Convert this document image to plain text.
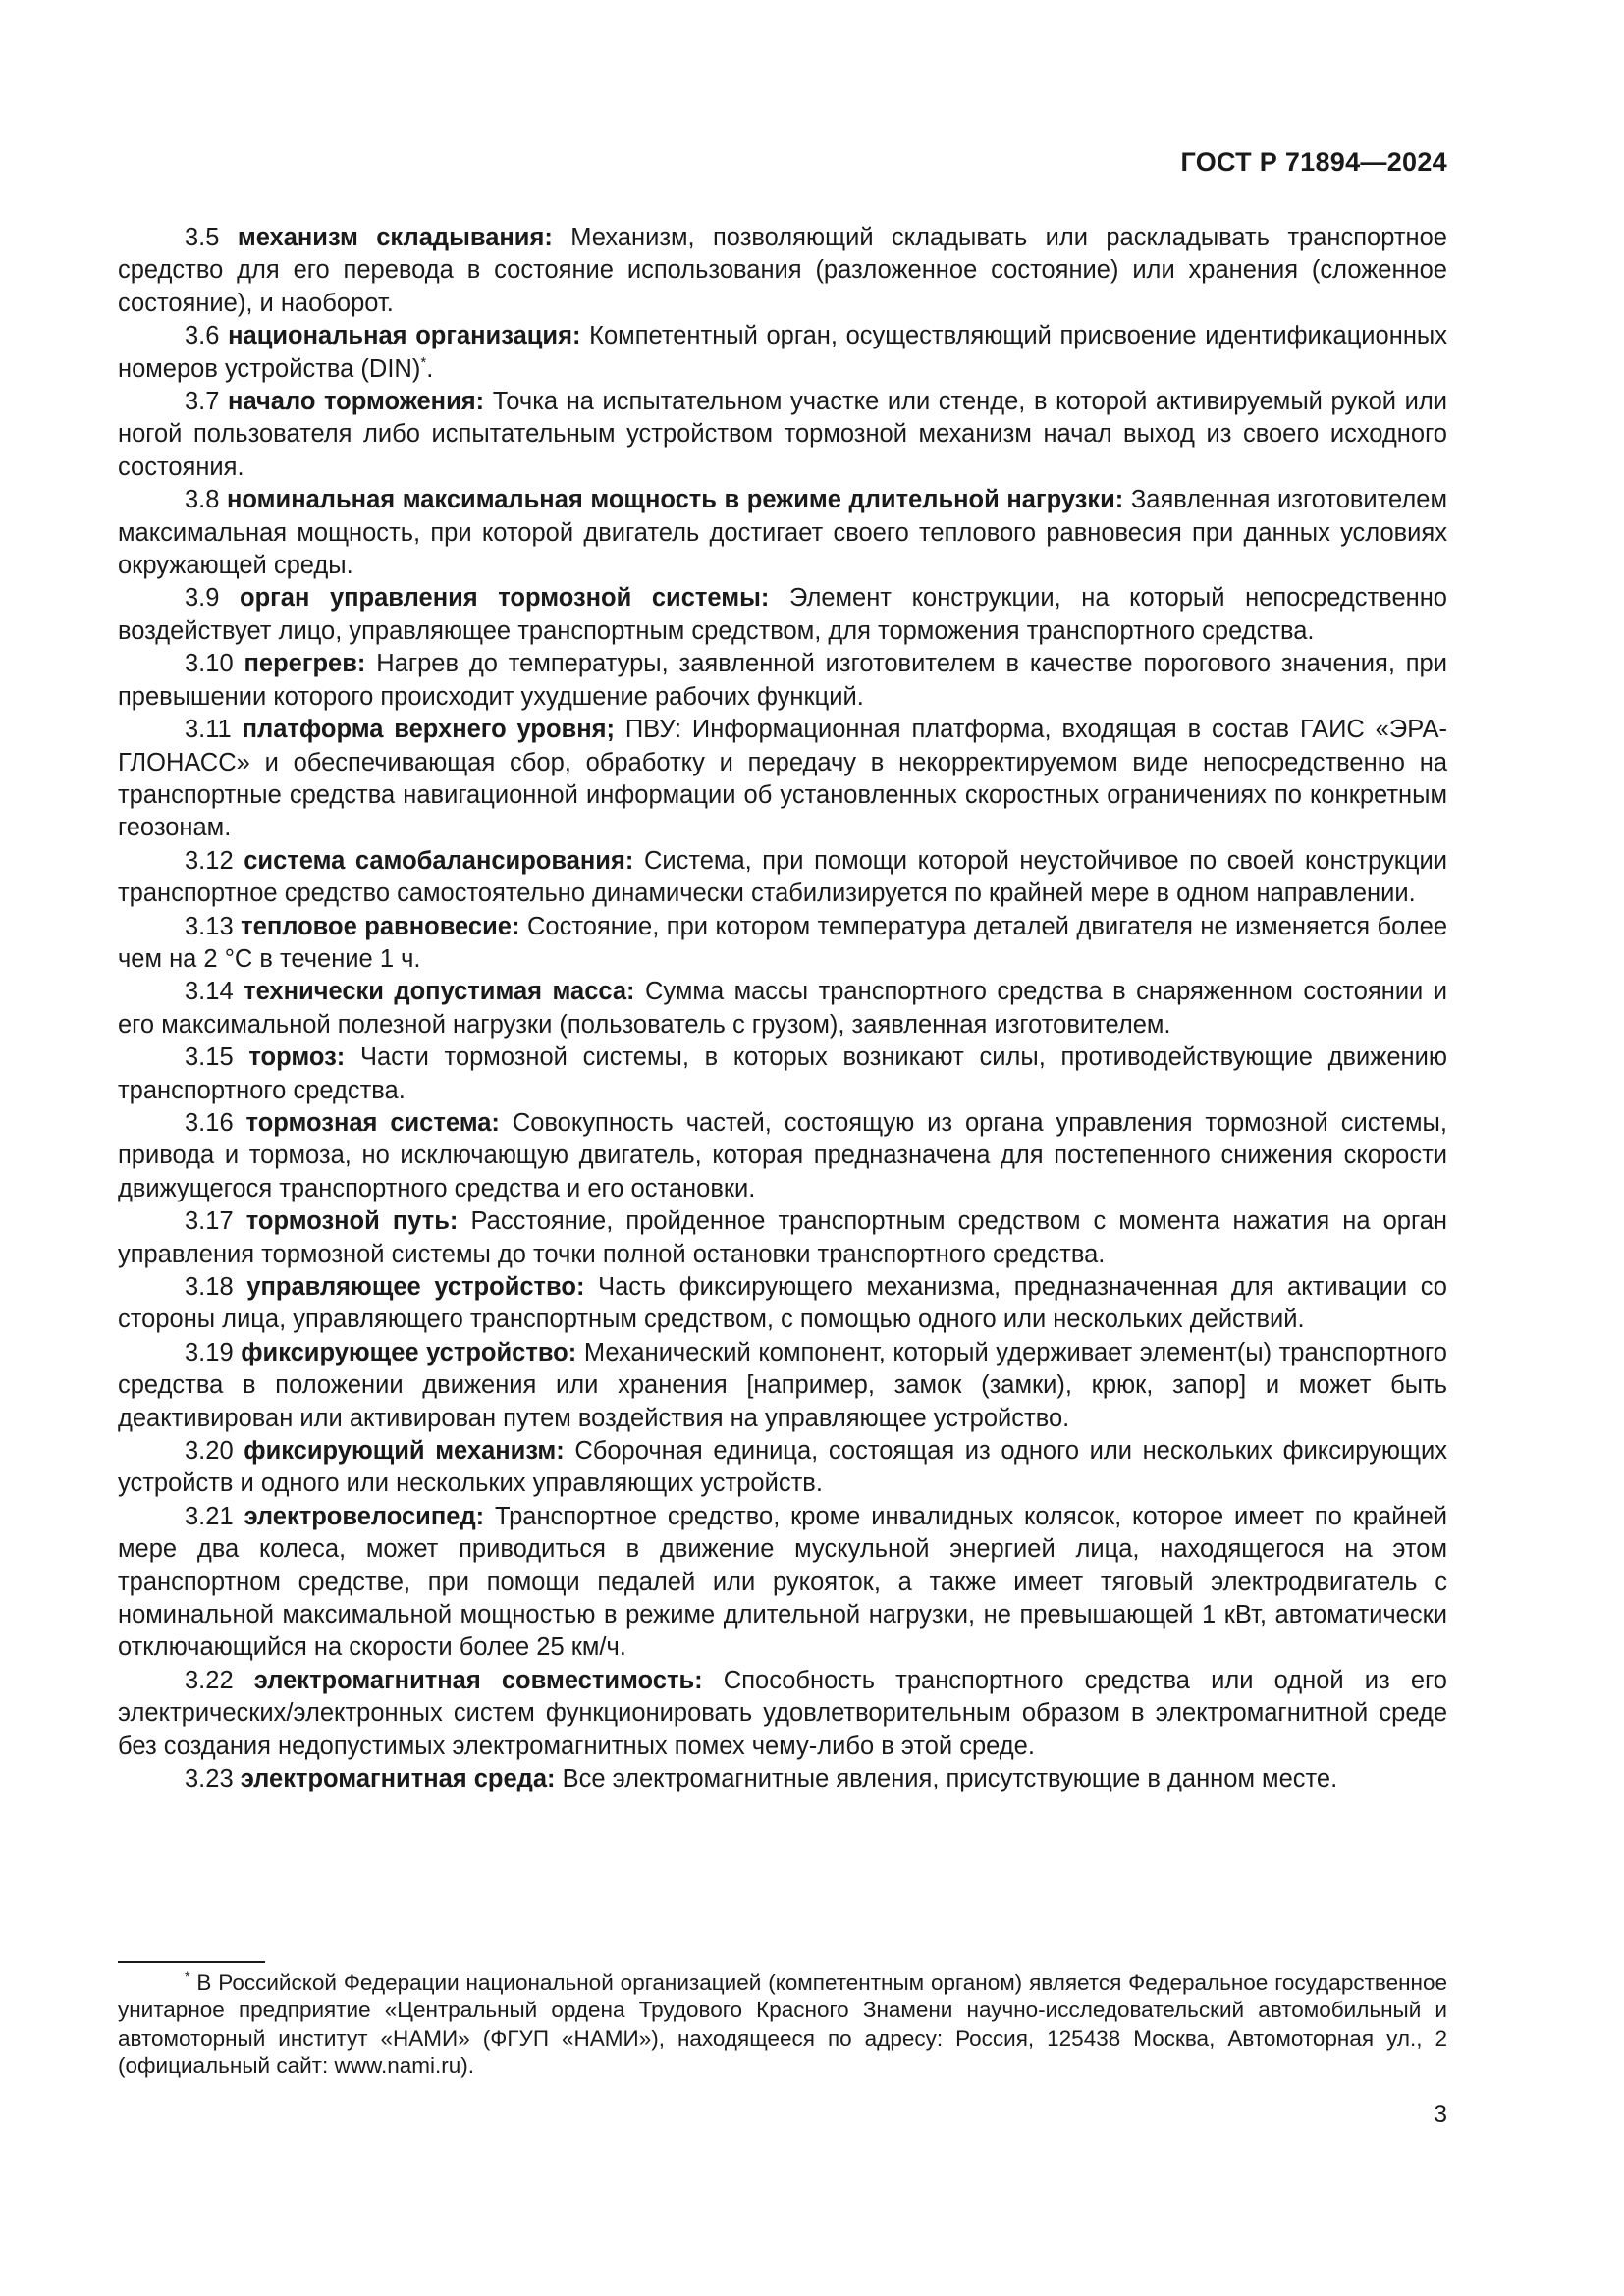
ГОСТ Р 71894—2024

3.5 механизм складывания: Механизм, позволяющий складывать или раскладывать транспортное средство для его перевода в состояние использования (разложенное состояние) или хранения (сложенное состояние), и наоборот.

3.6 национальная организация: Компетентный орган, осуществляющий присвоение идентификационных номеров устройства (DIN)*.

3.7 начало торможения: Точка на испытательном участке или стенде, в которой активируемый рукой или ногой пользователя либо испытательным устройством тормозной механизм начал выход из своего исходного состояния.

3.8 номинальная максимальная мощность в режиме длительной нагрузки: Заявленная изготовителем максимальная мощность, при которой двигатель достигает своего теплового равновесия при данных условиях окружающей среды.

3.9 орган управления тормозной системы: Элемент конструкции, на который непосредственно воздействует лицо, управляющее транспортным средством, для торможения транспортного средства.

3.10 перегрев: Нагрев до температуры, заявленной изготовителем в качестве порогового значения, при превышении которого происходит ухудшение рабочих функций.

3.11 платформа верхнего уровня; ПВУ: Информационная платформа, входящая в состав ГАИС «ЭРА-ГЛОНАСС» и обеспечивающая сбор, обработку и передачу в некорректируемом виде непосредственно на транспортные средства навигационной информации об установленных скоростных ограничениях по конкретным геозонам.

3.12 система самобалансирования: Система, при помощи которой неустойчивое по своей конструкции транспортное средство самостоятельно динамически стабилизируется по крайней мере в одном направлении.

3.13 тепловое равновесие: Состояние, при котором температура деталей двигателя не изменяется более чем на 2 °C в течение 1 ч.

3.14 технически допустимая масса: Сумма массы транспортного средства в снаряженном состоянии и его максимальной полезной нагрузки (пользователь с грузом), заявленная изготовителем.

3.15 тормоз: Части тормозной системы, в которых возникают силы, противодействующие движению транспортного средства.

3.16 тормозная система: Совокупность частей, состоящую из органа управления тормозной системы, привода и тормоза, но исключающую двигатель, которая предназначена для постепенного снижения скорости движущегося транспортного средства и его остановки.

3.17 тормозной путь: Расстояние, пройденное транспортным средством с момента нажатия на орган управления тормозной системы до точки полной остановки транспортного средства.

3.18 управляющее устройство: Часть фиксирующего механизма, предназначенная для активации со стороны лица, управляющего транспортным средством, с помощью одного или нескольких действий.

3.19 фиксирующее устройство: Механический компонент, который удерживает элемент(ы) транспортного средства в положении движения или хранения [например, замок (замки), крюк, запор] и может быть деактивирован или активирован путем воздействия на управляющее устройство.

3.20 фиксирующий механизм: Сборочная единица, состоящая из одного или нескольких фиксирующих устройств и одного или нескольких управляющих устройств.

3.21 электровелосипед: Транспортное средство, кроме инвалидных колясок, которое имеет по крайней мере два колеса, может приводиться в движение мускульной энергией лица, находящегося на этом транспортном средстве, при помощи педалей или рукояток, а также имеет тяговый электродвигатель с номинальной максимальной мощностью в режиме длительной нагрузки, не превышающей 1 кВт, автоматически отключающийся на скорости более 25 км/ч.

3.22 электромагнитная совместимость: Способность транспортного средства или одной из его электрических/электронных систем функционировать удовлетворительным образом в электромагнитной среде без создания недопустимых электромагнитных помех чему-либо в этой среде.

3.23 электромагнитная среда: Все электромагнитные явления, присутствующие в данном месте.

* В Российской Федерации национальной организацией (компетентным органом) является Федеральное государственное унитарное предприятие «Центральный ордена Трудового Красного Знамени научно-исследовательский автомобильный и автомоторный институт «НАМИ» (ФГУП «НАМИ»), находящееся по адресу: Россия, 125438 Москва, Автомоторная ул., 2 (официальный сайт: www.nami.ru).

3
